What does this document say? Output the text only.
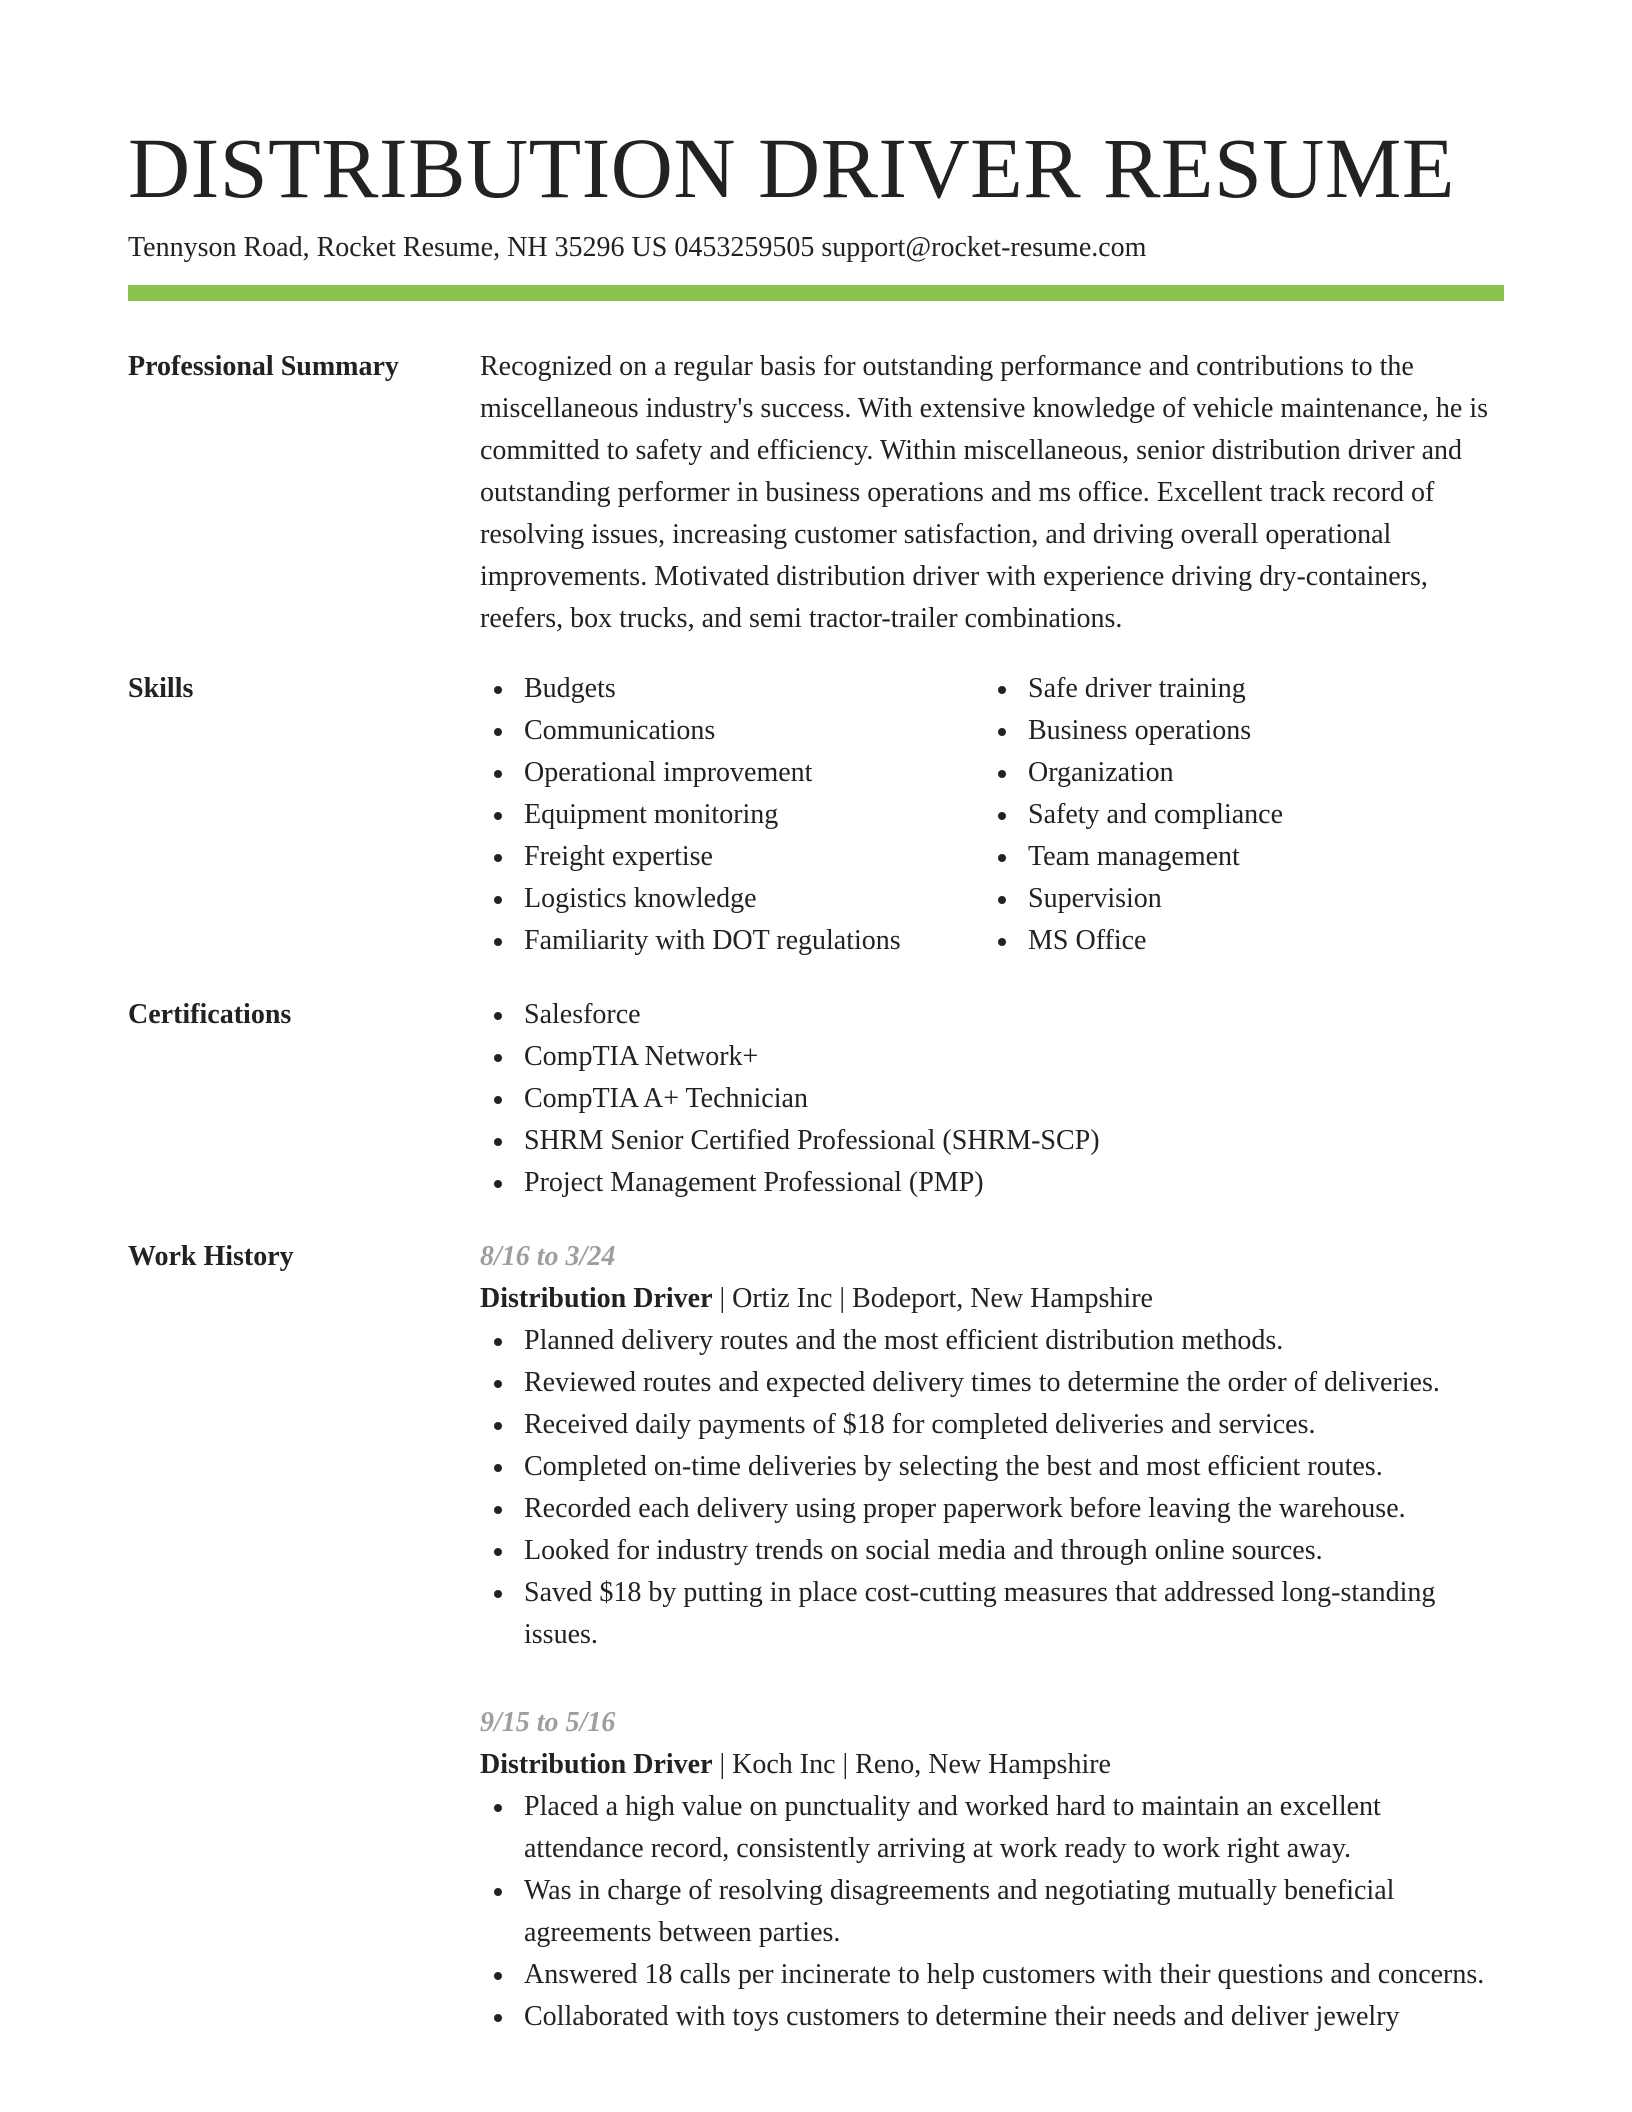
DISTRIBUTION DRIVER RESUME
Tennyson Road, Rocket Resume, NH 35296 US 0453259505 support@rocket-resume.com
Professional Summary	Recognized on a regular basis for outstanding performance and contributions to the miscellaneous industry's success. With extensive knowledge of vehicle maintenance, he is committed to safety and efficiency. Within miscellaneous, senior distribution driver and outstanding performer in business operations and ms office. Excellent track record of resolving issues, increasing customer satisfaction, and driving overall operational improvements. Motivated distribution driver with experience driving dry-containers, reefers, box trucks, and semi tractor-trailer combinations.

Skills	Budgets
Communications
Operational improvement
Equipment monitoring
Freight expertise
Logistics knowledge
Familiarity with DOT regulations
Safe driver training
Business operations
Organization
Safety and compliance
Team management
Supervision
MS Office
Certifications	Salesforce
CompTIA Network+
CompTIA A+ Technician
SHRM Senior Certified Professional (SHRM-SCP)
Project Management Professional (PMP)
Work History	8/16 to 3/24
Distribution Driver | Ortiz Inc | Bodeport, New Hampshire
Planned delivery routes and the most efficient distribution methods.
Reviewed routes and expected delivery times to determine the order of deliveries.
Received daily payments of $18 for completed deliveries and services.
Completed on-time deliveries by selecting the best and most efficient routes.
Recorded each delivery using proper paperwork before leaving the warehouse.
Looked for industry trends on social media and through online sources.
Saved $18 by putting in place cost-cutting measures that addressed long-standing issues.
9/15 to 5/16
Distribution Driver | Koch Inc | Reno, New Hampshire
Placed a high value on punctuality and worked hard to maintain an excellent attendance record, consistently arriving at work ready to work right away.
Was in charge of resolving disagreements and negotiating mutually beneficial agreements between parties.
Answered 18 calls per incinerate to help customers with their questions and concerns.
Collaborated with toys customers to determine their needs and deliver jewelry
